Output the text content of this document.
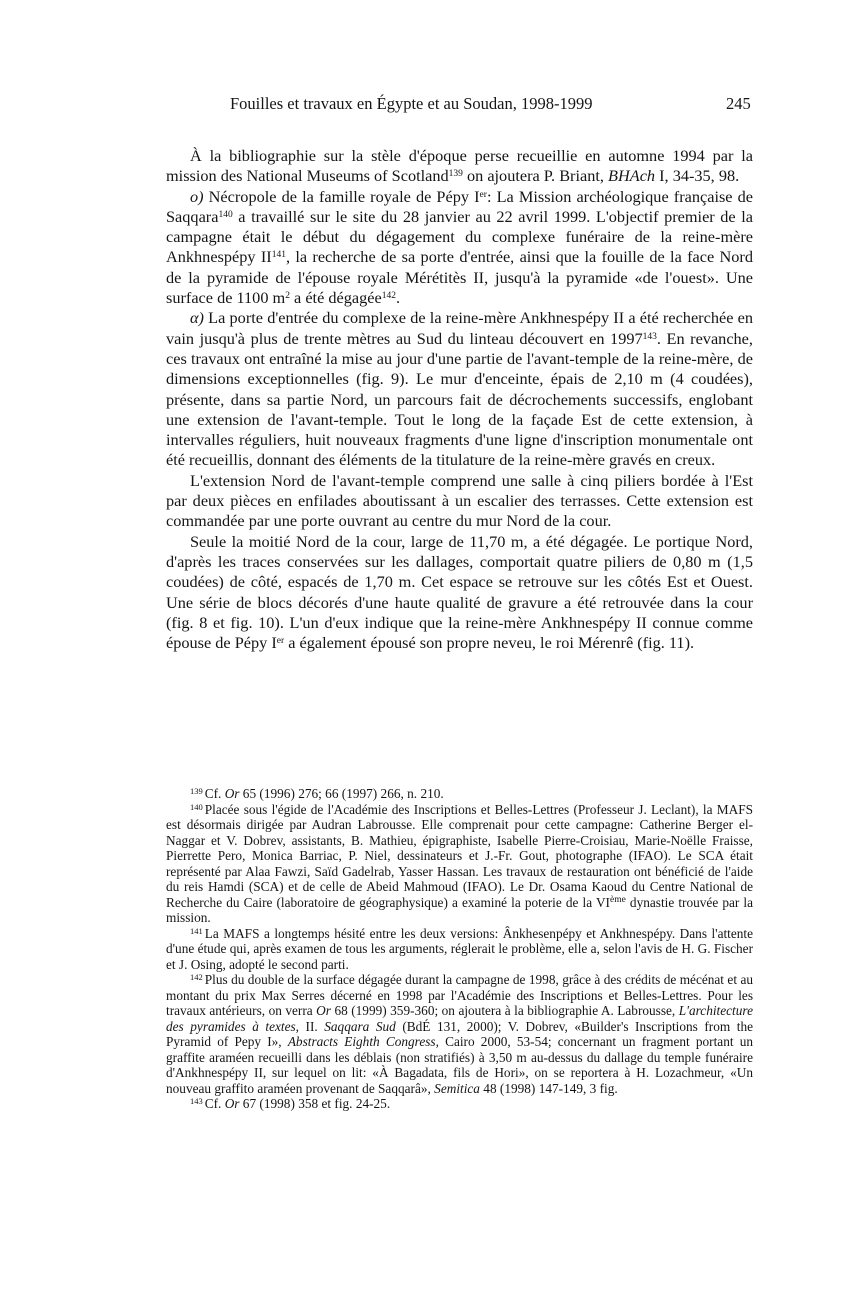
Fouilles et travaux en Égypte et au Soudan, 1998-1999	245

À la bibliographie sur la stèle d'époque perse recueillie en automne 1994 par la mission des National Museums of Scotland$^{139}$ on ajoutera P. Briant, BHAch I, 34-35, 98.

o) Nécropole de la famille royale de Pépy Ier: La Mission archéologique française de Saqqara$^{140}$ a travaillé sur le site du 28 janvier au 22 avril 1999. L'objectif premier de la campagne était le début du dégagement du complexe funéraire de la reine-mère Ankhnespépy II$^{141}$, la recherche de sa porte d'entrée, ainsi que la fouille de la face Nord de la pyramide de l'épouse royale Mérétitès II, jusqu'à la pyramide «de l'ouest». Une surface de 1100 $m^2$ a été dégagée$^{142}$.

α) La porte d'entrée du complexe de la reine-mère Ankhnespépy II a été recherchée en vain jusqu'à plus de trente mètres au Sud du linteau découvert en 1997$^{143}$. En revanche, ces travaux ont entraîné la mise au jour d'une partie de l'avant-temple de la reine-mère, de dimensions exceptionnelles (fig. 9). Le mur d'enceinte, épais de 2,10 m (4 coudées), présente, dans sa partie Nord, un parcours fait de décrochements successifs, englobant une extension de l'avant-temple. Tout le long de la façade Est de cette extension, à intervalles réguliers, huit nouveaux fragments d'une ligne d'inscription monumentale ont été recueillis, donnant des éléments de la titulature de la reine-mère gravés en creux.

L'extension Nord de l'avant-temple comprend une salle à cinq piliers bordée à l'Est par deux pièces en enfilades aboutissant à un escalier des terrasses. Cette extension est commandée par une porte ouvrant au centre du mur Nord de la cour.

Seule la moitié Nord de la cour, large de 11,70 m, a été dégagée. Le portique Nord, d'après les traces conservées sur les dallages, comportait quatre piliers de 0,80 m (1,5 coudées) de côté, espacés de 1,70 m. Cet espace se retrouve sur les côtés Est et Ouest. Une série de blocs décorés d'une haute qualité de gravure a été retrouvée dans la cour (fig. 8 et fig. 10). L'un d'eux indique que la reine-mère Ankhnespépy II connue comme épouse de Pépy Ier a également épousé son propre neveu, le roi Mérenrê (fig. 11).

$^{139}$ Cf. Or 65 (1996) 276; 66 (1997) 266, n. 210.

$^{140}$ Placée sous l'égide de l'Académie des Inscriptions et Belles-Lettres (Professeur J. Leclant), la MAFS est désormais dirigée par Audran Labrousse. Elle comprenait pour cette campagne: Catherine Berger el-Naggar et V. Dobrev, assistants, B. Mathieu, épigraphiste, Isabelle Pierre-Croisiau, Marie-Noëlle Fraisse, Pierrette Pero, Monica Barriac, P. Niel, dessinateurs et J.-Fr. Gout, photographe (IFAO). Le SCA était représenté par Alaa Fawzi, Saïd Gadelrab, Yasser Hassan. Les travaux de restauration ont bénéficié de l'aide du reis Hamdi (SCA) et de celle de Abeid Mahmoud (IFAO). Le Dr. Osama Kaoud du Centre National de Recherche du Caire (laboratoire de géographysique) a examiné la poterie de la VIème dynastie trouvée par la mission.

$^{141}$ La MAFS a longtemps hésité entre les deux versions: Ânkhesenpépy et Ankhnespépy. Dans l'attente d'une étude qui, après examen de tous les arguments, réglerait le problème, elle a, selon l'avis de H. G. Fischer et J. Osing, adopté le second parti.

$^{142}$ Plus du double de la surface dégagée durant la campagne de 1998, grâce à des crédits de mécénat et au montant du prix Max Serres décerné en 1998 par l'Académie des Inscriptions et Belles-Lettres. Pour les travaux antérieurs, on verra Or 68 (1999) 359-360; on ajoutera à la bibliographie A. Labrousse, L'architecture des pyramides à textes, II. Saqqara Sud (BdÉ 131, 2000); V. Dobrev, «Builder's Inscriptions from the Pyramid of Pepy I», Abstracts Eighth Congress, Cairo 2000, 53-54; concernant un fragment portant un graffite araméen recueilli dans les déblais (non stratifiés) à 3,50 m au-dessus du dallage du temple funéraire d'Ankhnespépy II, sur lequel on lit: «À Bagadata, fils de Hori», on se reportera à H. Lozachmeur, «Un nouveau graffito araméen provenant de Saqqarâ», Semitica 48 (1998) 147-149, 3 fig.

$^{143}$ Cf. Or 67 (1998) 358 et fig. 24-25.
